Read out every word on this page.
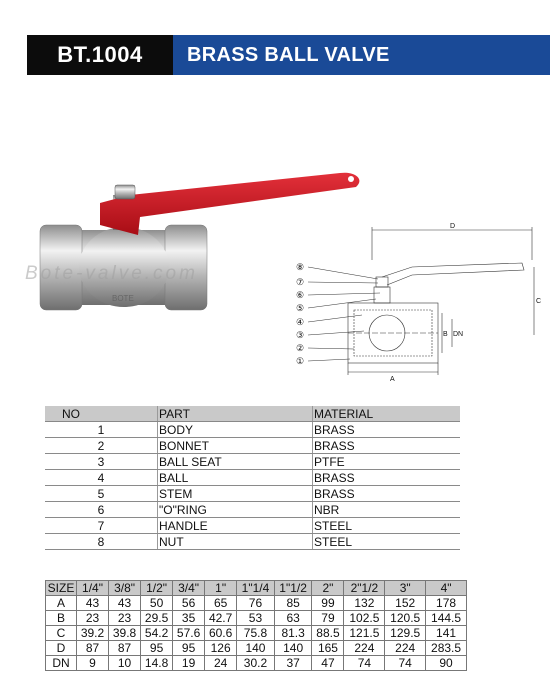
BT.1004	BRASS BALL VALVE
BOTE
Bote-valve.com	⑧
⑦
⑥
⑤
④
③
②
①
D
C
A
B DN
NO	PART	MATERIAL
1	BODY	BRASS
2	BONNET	BRASS
3	BALL SEAT	PTFE
4	BALL	BRASS
5	STEM	BRASS
6	"O"RING	NBR
7	HANDLE	STEEL
8	NUT	STEEL
SIZE	1/4"	3/8"	1/2"	3/4"	1"	1"1/4	1"1/2	2"	2"1/2	3"	4"
A	43	43	50	56	65	76	85	99	132	152	178
B	23	23	29.5	35	42.7	53	63	79	102.5	120.5	144.5
C	39.2	39.8	54.2	57.6	60.6	75.8	81.3	88.5	121.5	129.5	141
D	87	87	95	95	126	140	140	165	224	224	283.5
DN	9	10	14.8	19	24	30.2	37	47	74	74	90
